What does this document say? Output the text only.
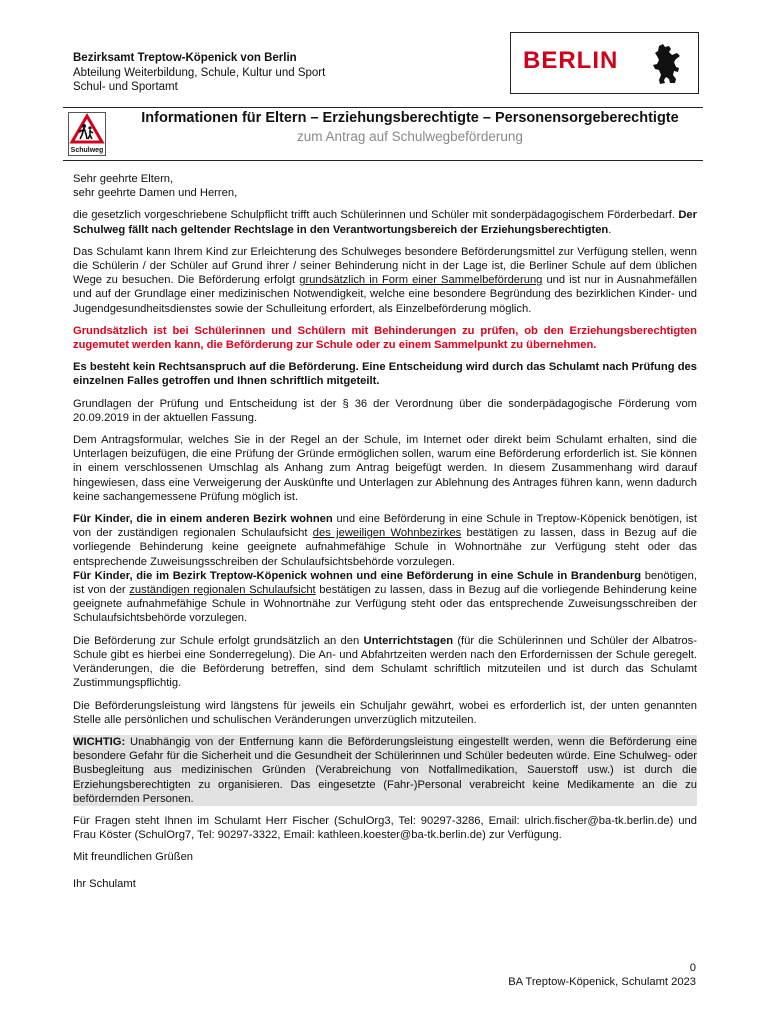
Bezirksamt Treptow-Köpenick von Berlin
Abteilung Weiterbildung, Schule, Kultur und Sport
Schul- und Sportamt
BERLIN
Schulweg
Informationen für Eltern – Erziehungsberechtigte – Personensorgeberechtigte
zum Antrag auf Schulwegbeförderung

Sehr geehrte Eltern,

sehr geehrte Damen und Herren,

die gesetzlich vorgeschriebene Schulpflicht trifft auch Schülerinnen und Schüler mit sonderpädagogischem Förderbedarf. Der Schulweg fällt nach geltender Rechtslage in den Verantwortungsbereich der Erziehungsberechtigten.

Das Schulamt kann Ihrem Kind zur Erleichterung des Schulweges besondere Beförderungsmittel zur Verfügung stellen, wenn die Schülerin / der Schüler auf Grund ihrer / seiner Behinderung nicht in der Lage ist, die Berliner Schule auf dem üblichen Wege zu besuchen. Die Beförderung erfolgt grundsätzlich in Form einer Sammelbeförderung und ist nur in Ausnahmefällen und auf der Grundlage einer medizinischen Notwendigkeit, welche eine besondere Begründung des bezirklichen Kinder- und Jugendgesundheitsdienstes sowie der Schulleitung erfordert, als Einzelbeförderung möglich.

Grundsätzlich ist bei Schülerinnen und Schülern mit Behinderungen zu prüfen, ob den Erziehungsberechtigten zugemutet werden kann, die Beförderung zur Schule oder zu einem Sammelpunkt zu übernehmen.

Es besteht kein Rechtsanspruch auf die Beförderung. Eine Entscheidung wird durch das Schulamt nach Prüfung des einzelnen Falles getroffen und Ihnen schriftlich mitgeteilt.

Grundlagen der Prüfung und Entscheidung ist der § 36 der Verordnung über die sonderpädagogische Förderung vom 20.09.2019 in der aktuellen Fassung.

Dem Antragsformular, welches Sie in der Regel an der Schule, im Internet oder direkt beim Schulamt erhalten, sind die Unterlagen beizufügen, die eine Prüfung der Gründe ermöglichen sollen, warum eine Beförderung erforderlich ist. Sie können in einem verschlossenen Umschlag als Anhang zum Antrag beigefügt werden. In diesem Zusammenhang wird darauf hingewiesen, dass eine Verweigerung der Auskünfte und Unterlagen zur Ablehnung des Antrages führen kann, wenn dadurch keine sachangemessene Prüfung möglich ist.

Für Kinder, die in einem anderen Bezirk wohnen und eine Beförderung in eine Schule in Treptow-Köpenick benötigen, ist von der zuständigen regionalen Schulaufsicht des jeweiligen Wohnbezirkes bestätigen zu lassen, dass in Bezug auf die vorliegende Behinderung keine geeignete aufnahmefähige Schule in Wohnortnähe zur Verfügung steht oder das entsprechende Zuweisungsschreiben der Schulaufsichtsbehörde vorzulegen.

Für Kinder, die im Bezirk Treptow-Köpenick wohnen und eine Beförderung in eine Schule in Brandenburg benötigen, ist von der zuständigen regionalen Schulaufsicht bestätigen zu lassen, dass in Bezug auf die vorliegende Behinderung keine geeignete aufnahmefähige Schule in Wohnortnähe zur Verfügung steht oder das entsprechende Zuweisungsschreiben der Schulaufsichtsbehörde vorzulegen.

Die Beförderung zur Schule erfolgt grundsätzlich an den Unterrichtstagen (für die Schülerinnen und Schüler der Albatros-Schule gibt es hierbei eine Sonderregelung). Die An- und Abfahrtzeiten werden nach den Erfordernissen der Schule geregelt. Veränderungen, die die Beförderung betreffen, sind dem Schulamt schriftlich mitzuteilen und ist durch das Schulamt Zustimmungspflichtig.

Die Beförderungsleistung wird längstens für jeweils ein Schuljahr gewährt, wobei es erforderlich ist, der unten genannten Stelle alle persönlichen und schulischen Veränderungen unverzüglich mitzuteilen.

WICHTIG: Unabhängig von der Entfernung kann die Beförderungsleistung eingestellt werden, wenn die Beförderung eine besondere Gefahr für die Sicherheit und die Gesundheit der Schülerinnen und Schüler bedeuten würde. Eine Schulweg- oder Busbegleitung aus medizinischen Gründen (Verabreichung von Notfallmedikation, Sauerstoff usw.) ist durch die Erziehungsberechtigten zu organisieren. Das eingesetzte (Fahr-)Personal verabreicht keine Medikamente an die zu befördernden Personen.

Für Fragen steht Ihnen im Schulamt Herr Fischer (SchulOrg3, Tel: 90297-3286, Email: ulrich.fischer@ba-tk.berlin.de) und Frau Köster (SchulOrg7, Tel: 90297-3322, Email: kathleen.koester@ba-tk.berlin.de) zur Verfügung.

Mit freundlichen Grüßen

Ihr Schulamt

0
BA Treptow-Köpenick, Schulamt 2023
